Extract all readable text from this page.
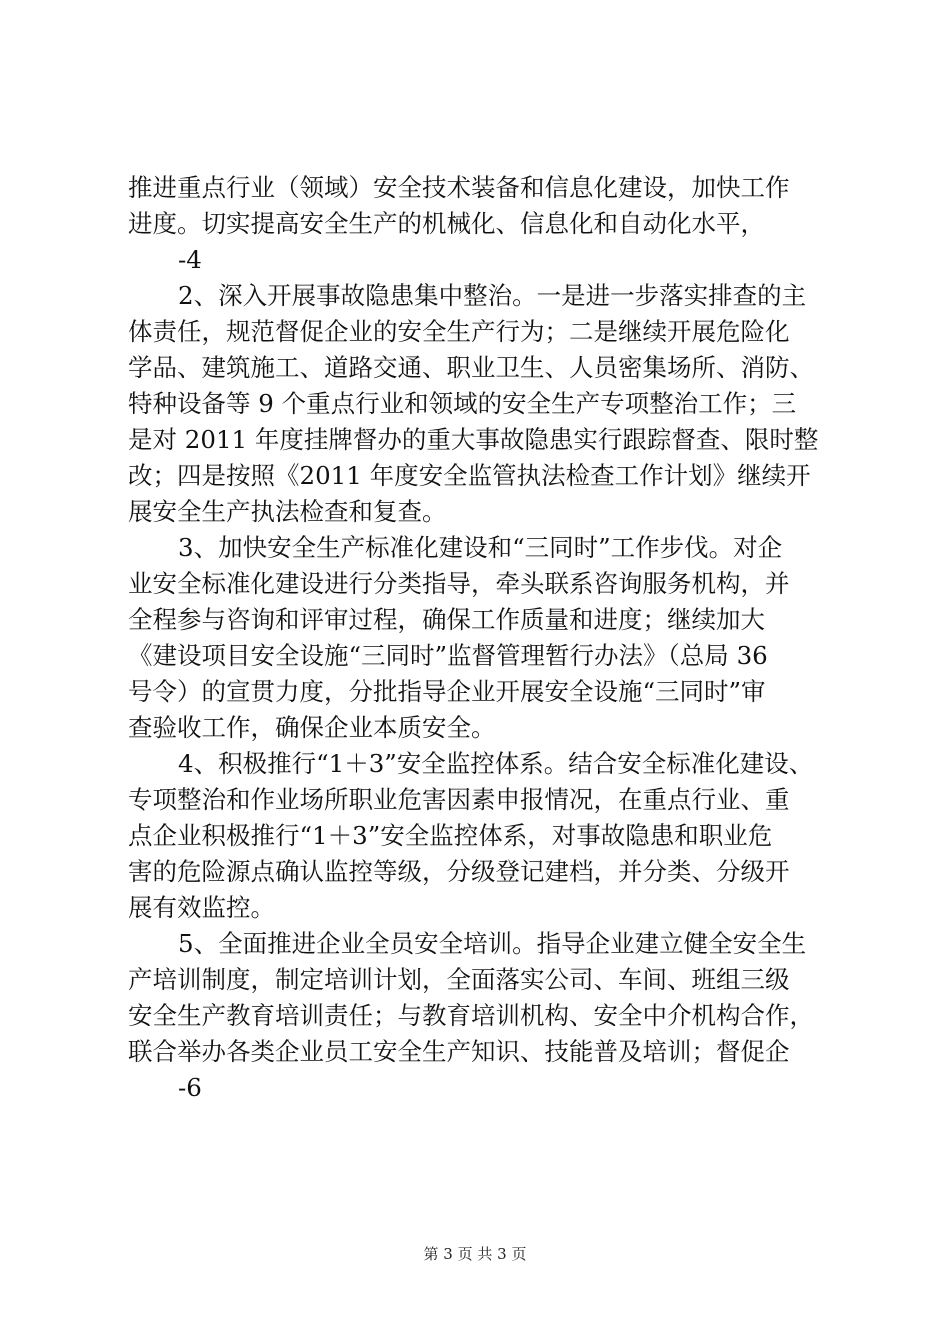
推进重点行业（领域）安全技术装备和信息化建设，加快工作
进度。切实提高安全生产的机械化、信息化和自动化水平，
-4
2、深入开展事故隐患集中整治。一是进一步落实排查的主
体责任，规范督促企业的安全生产行为；二是继续开展危险化
学品、建筑施工、道路交通、职业卫生、人员密集场所、消防、
特种设备等 9 个重点行业和领域的安全生产专项整治工作；三
是对 2011 年度挂牌督办的重大事故隐患实行跟踪督查、限时整
改；四是按照《2011 年度安全监管执法检查工作计划》继续开
展安全生产执法检查和复查。
3、加快安全生产标准化建设和“三同时”工作步伐。对企
业安全标准化建设进行分类指导，牵头联系咨询服务机构，并
全程参与咨询和评审过程，确保工作质量和进度；继续加大
《建设项目安全设施“三同时”监督管理暂行办法》（总局 36
号令）的宣贯力度，分批指导企业开展安全设施“三同时”审
查验收工作，确保企业本质安全。
4、积极推行“1＋3”安全监控体系。结合安全标准化建设、
专项整治和作业场所职业危害因素申报情况，在重点行业、重
点企业积极推行“1＋3”安全监控体系，对事故隐患和职业危
害的危险源点确认监控等级，分级登记建档，并分类、分级开
展有效监控。
5、全面推进企业全员安全培训。指导企业建立健全安全生
产培训制度，制定培训计划，全面落实公司、车间、班组三级
安全生产教育培训责任；与教育培训机构、安全中介机构合作，
联合举办各类企业员工安全生产知识、技能普及培训；督促企
-6
第 3 页 共 3 页
